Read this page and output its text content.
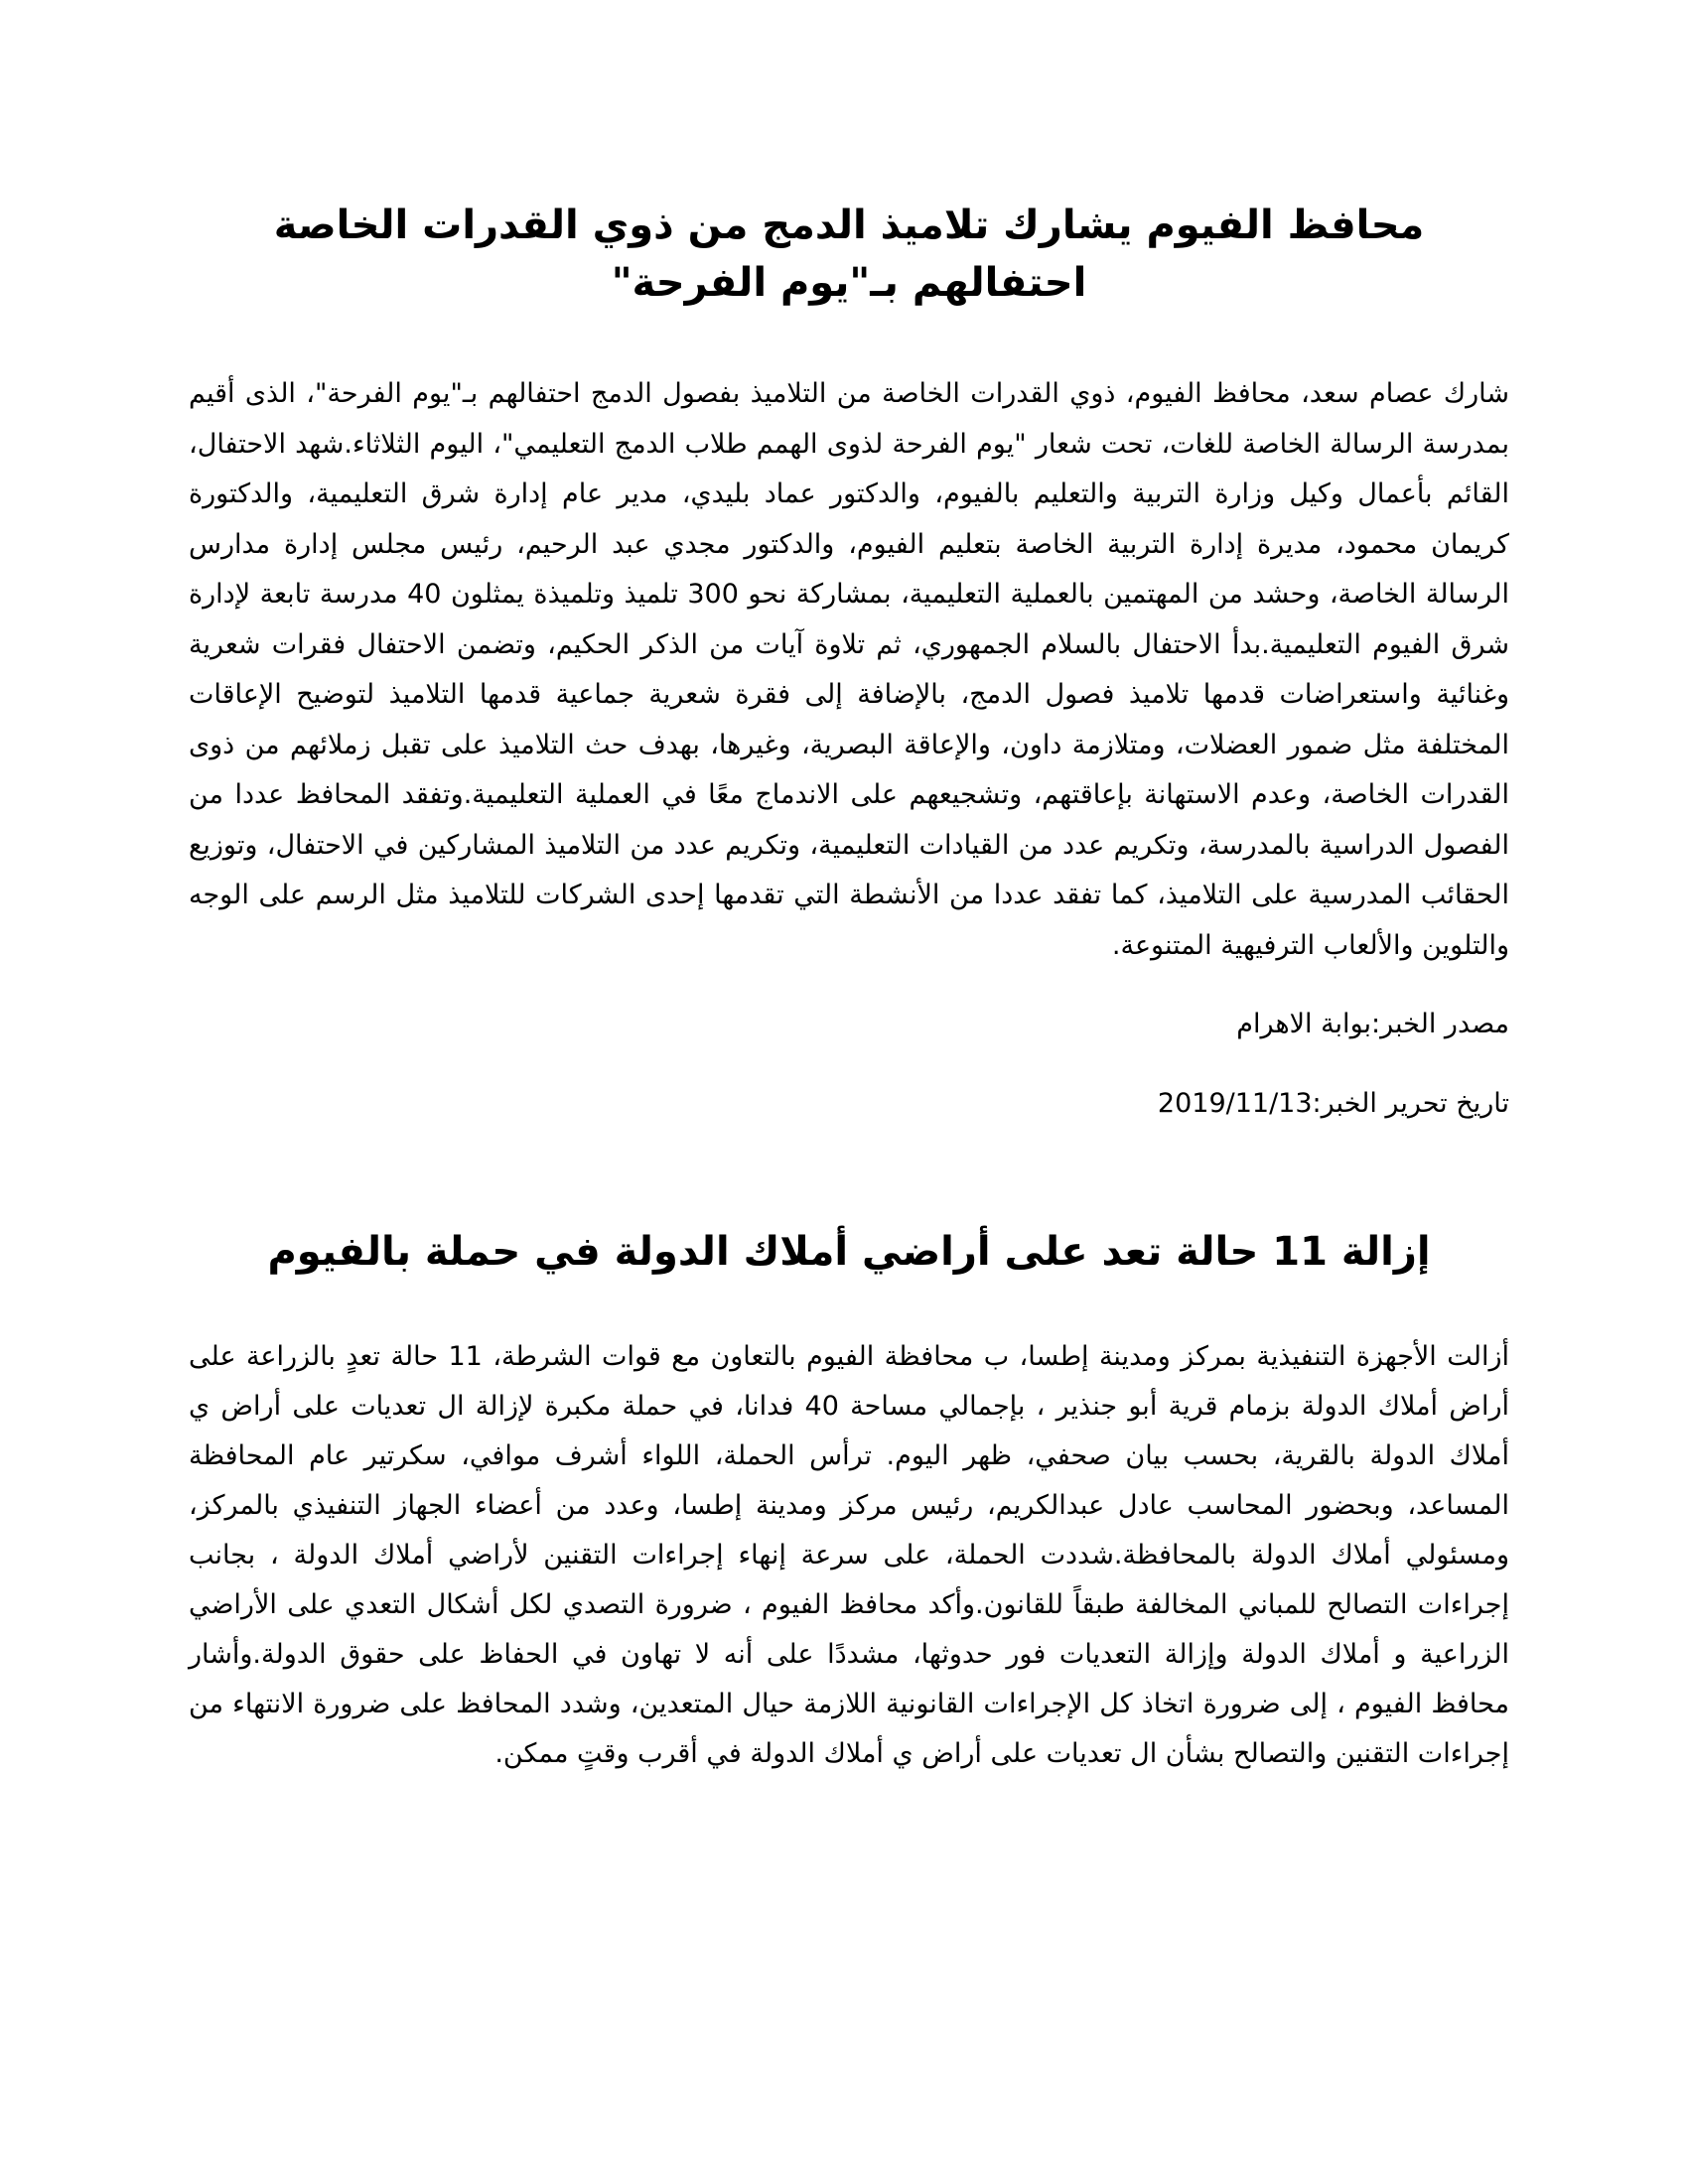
محافظ الفيوم يشارك تلاميذ الدمج من ذوي القدرات الخاصة احتفالهم بـ"يوم الفرحة"

شارك عصام سعد، محافظ الفيوم، ذوي القدرات الخاصة من التلاميذ بفصول الدمج احتفالهم بـ"يوم الفرحة"، الذى أقيم بمدرسة الرسالة الخاصة للغات، تحت شعار "يوم الفرحة لذوى الهمم طلاب الدمج التعليمي"، اليوم الثلاثاء.شهد الاحتفال، القائم بأعمال وكيل وزارة التربية والتعليم بالفيوم، والدكتور عماد بليدي، مدير عام إدارة شرق التعليمية، والدكتورة كريمان محمود، مديرة إدارة التربية الخاصة بتعليم الفيوم، والدكتور مجدي عبد الرحيم، رئيس مجلس إدارة مدارس الرسالة الخاصة، وحشد من المهتمين بالعملية التعليمية، بمشاركة نحو 300 تلميذ وتلميذة يمثلون 40 مدرسة تابعة لإدارة شرق الفيوم التعليمية.بدأ الاحتفال بالسلام الجمهوري، ثم تلاوة آيات من الذكر الحكيم، وتضمن الاحتفال فقرات شعرية وغنائية واستعراضات قدمها تلاميذ فصول الدمج، بالإضافة إلى فقرة شعرية جماعية قدمها التلاميذ لتوضيح الإعاقات المختلفة مثل ضمور العضلات، ومتلازمة داون، والإعاقة البصرية، وغيرها، بهدف حث التلاميذ على تقبل زملائهم من ذوى القدرات الخاصة، وعدم الاستهانة بإعاقتهم، وتشجيعهم على الاندماج معًا في العملية التعليمية.وتفقد المحافظ عددا من الفصول الدراسية بالمدرسة، وتكريم عدد من القيادات التعليمية، وتكريم عدد من التلاميذ المشاركين في الاحتفال، وتوزيع الحقائب المدرسية على التلاميذ، كما تفقد عددا من الأنشطة التي تقدمها إحدى الشركات للتلاميذ مثل الرسم على الوجه والتلوين والألعاب الترفيهية المتنوعة.

مصدر الخبر:بوابة الاهرام

تاريخ تحرير الخبر:2019/11/13

إزالة 11 حالة تعد على أراضي أملاك الدولة في حملة بالفيوم

أزالت الأجهزة التنفيذية بمركز ومدينة إطسا، ب محافظة الفيوم بالتعاون مع قوات الشرطة، 11 حالة تعدٍ بالزراعة على أراض أملاك الدولة بزمام قرية أبو جنذير ، بإجمالي مساحة 40 فدانا، في حملة مكبرة لإزالة ال تعديات على أراض ي أملاك الدولة بالقرية، بحسب بيان صحفي، ظهر اليوم. ترأس الحملة، اللواء أشرف موافي، سكرتير عام المحافظة المساعد، وبحضور المحاسب عادل عبدالكريم، رئيس مركز ومدينة إطسا، وعدد من أعضاء الجهاز التنفيذي بالمركز، ومسئولي أملاك الدولة بالمحافظة.شددت الحملة، على سرعة إنهاء إجراءات التقنين لأراضي أملاك الدولة ، بجانب إجراءات التصالح للمباني المخالفة طبقاً للقانون.وأكد محافظ الفيوم ، ضرورة التصدي لكل أشكال التعدي على الأراضي الزراعية و أملاك الدولة وإزالة التعديات فور حدوثها، مشددًا على أنه لا تهاون في الحفاظ على حقوق الدولة.وأشار محافظ الفيوم ، إلى ضرورة اتخاذ كل الإجراءات القانونية اللازمة حيال المتعدين، وشدد المحافظ على ضرورة الانتهاء من إجراءات التقنين والتصالح بشأن ال تعديات على أراض ي أملاك الدولة في أقرب وقتٍ ممكن.
